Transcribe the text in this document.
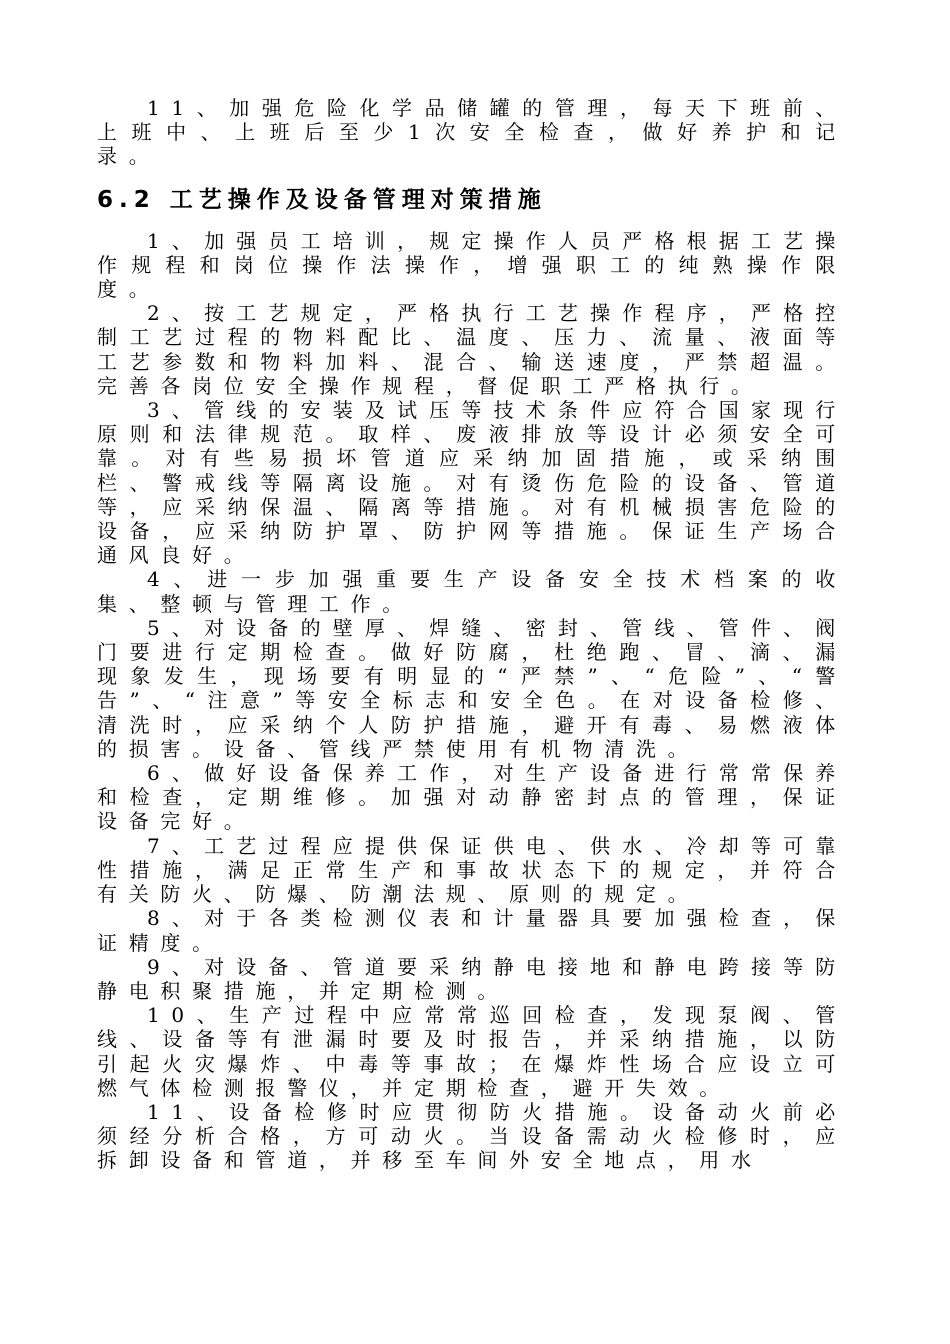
11、加强危险化学品储罐的管理，每天下班前、上班中、上班后至少1次安全检查，做好养护和记录。

6.2 工艺操作及设备管理对策措施

1、加强员工培训，规定操作人员严格根据工艺操作规程和岗位操作法操作，增强职工的纯熟操作限度。

2、按工艺规定，严格执行工艺操作程序，严格控制工艺过程的物料配比、温度、压力、流量、液面等工艺参数和物料加料、混合、输送速度，严禁超温。完善各岗位安全操作规程，督促职工严格执行。

3、管线的安装及试压等技术条件应符合国家现行原则和法律规范。取样、废液排放等设计必须安全可靠。对有些易损坏管道应采纳加固措施，或采纳围栏、警戒线等隔离设施。对有烫伤危险的设备、管道等，应采纳保温、隔离等措施。对有机械损害危险的设备，应采纳防护罩、防护网等措施。保证生产场合通风良好。

4、进一步加强重要生产设备安全技术档案的收集、整顿与管理工作。

5、对设备的壁厚、焊缝、密封、管线、管件、阀门要进行定期检查。做好防腐，杜绝跑、冒、滴、漏现象发生，现场要有明显的“严禁”、“危险”、“警告”、“注意”等安全标志和安全色。在对设备检修、清洗时，应采纳个人防护措施，避开有毒、易燃液体的损害。设备、管线严禁使用有机物清洗。

6、做好设备保养工作，对生产设备进行常常保养和检查，定期维修。加强对动静密封点的管理，保证设备完好。

7、工艺过程应提供保证供电、供水、冷却等可靠性措施，满足正常生产和事故状态下的规定，并符合有关防火、防爆、防潮法规、原则的规定。

8、对于各类检测仪表和计量器具要加强检查，保证精度。

9、对设备、管道要采纳静电接地和静电跨接等防静电积聚措施，并定期检测。

10、生产过程中应常常巡回检查，发现泵阀、管线、设备等有泄漏时要及时报告，并采纳措施，以防引起火灾爆炸、中毒等事故；在爆炸性场合应设立可燃气体检测报警仪，并定期检查，避开失效。

11、设备检修时应贯彻防火措施。设备动火前必须经分析合格，方可动火。当设备需动火检修时，应拆卸设备和管道，并移至车间外安全地点，用水
